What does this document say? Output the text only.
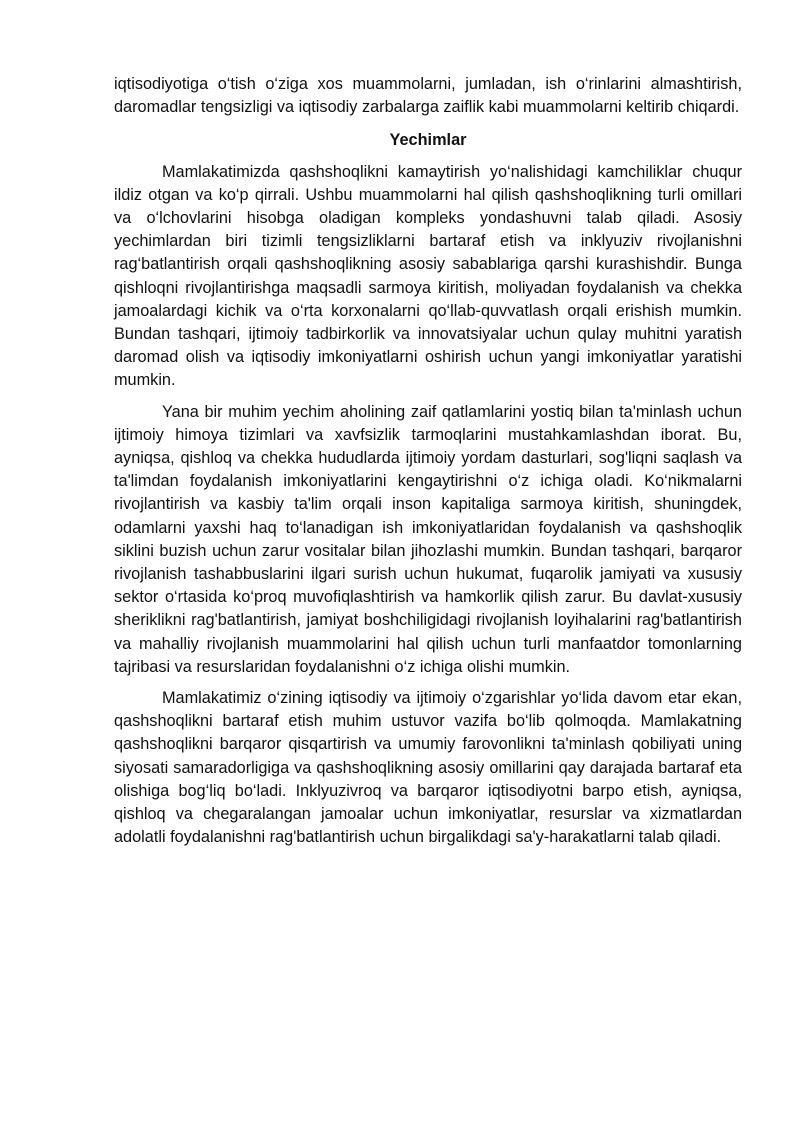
iqtisodiyotiga o‘tish o‘ziga xos muammolarni, jumladan, ish o‘rinlarini almashtirish, daromadlar tengsizligi va iqtisodiy zarbalarga zaiflik kabi muammolarni keltirib chiqardi.

Yechimlar

Mamlakatimizda qashshoqlikni kamaytirish yo‘nalishidagi kamchiliklar chuqur ildiz otgan va ko‘p qirrali. Ushbu muammolarni hal qilish qashshoqlikning turli omillari va o‘lchovlarini hisobga oladigan kompleks yondashuvni talab qiladi. Asosiy yechimlardan biri tizimli tengsizliklarni bartaraf etish va inklyuziv rivojlanishni rag‘batlantirish orqali qashshoqlikning asosiy sabablariga qarshi kurashishdir. Bunga qishloqni rivojlantirishga maqsadli sarmoya kiritish, moliyadan foydalanish va chekka jamoalardagi kichik va o‘rta korxonalarni qo‘llab-quvvatlash orqali erishish mumkin. Bundan tashqari, ijtimoiy tadbirkorlik va innovatsiyalar uchun qulay muhitni yaratish daromad olish va iqtisodiy imkoniyatlarni oshirish uchun yangi imkoniyatlar yaratishi mumkin.

Yana bir muhim yechim aholining zaif qatlamlarini yostiq bilan ta'minlash uchun ijtimoiy himoya tizimlari va xavfsizlik tarmoqlarini mustahkamlashdan iborat. Bu, ayniqsa, qishloq va chekka hududlarda ijtimoiy yordam dasturlari, sog'liqni saqlash va ta'limdan foydalanish imkoniyatlarini kengaytirishni o‘z ichiga oladi. Ko‘nikmalarni rivojlantirish va kasbiy ta'lim orqali inson kapitaliga sarmoya kiritish, shuningdek, odamlarni yaxshi haq to‘lanadigan ish imkoniyatlaridan foydalanish va qashshoqlik siklini buzish uchun zarur vositalar bilan jihozlashi mumkin. Bundan tashqari, barqaror rivojlanish tashabbuslarini ilgari surish uchun hukumat, fuqarolik jamiyati va xususiy sektor o‘rtasida ko‘proq muvofiqlashtirish va hamkorlik qilish zarur. Bu davlat-xususiy sheriklikni rag'batlantirish, jamiyat boshchiligidagi rivojlanish loyihalarini rag'batlantirish va mahalliy rivojlanish muammolarini hal qilish uchun turli manfaatdor tomonlarning tajribasi va resurslaridan foydalanishni o‘z ichiga olishi mumkin.

Mamlakatimiz o‘zining iqtisodiy va ijtimoiy o‘zgarishlar yo‘lida davom etar ekan, qashshoqlikni bartaraf etish muhim ustuvor vazifa bo‘lib qolmoqda. Mamlakatning qashshoqlikni barqaror qisqartirish va umumiy farovonlikni ta'minlash qobiliyati uning siyosati samaradorligiga va qashshoqlikning asosiy omillarini qay darajada bartaraf eta olishiga bog‘liq bo‘ladi. Inklyuzivroq va barqaror iqtisodiyotni barpo etish, ayniqsa, qishloq va chegaralangan jamoalar uchun imkoniyatlar, resurslar va xizmatlardan adolatli foydalanishni rag'batlantirish uchun birgalikdagi sa'y-harakatlarni talab qiladi.
